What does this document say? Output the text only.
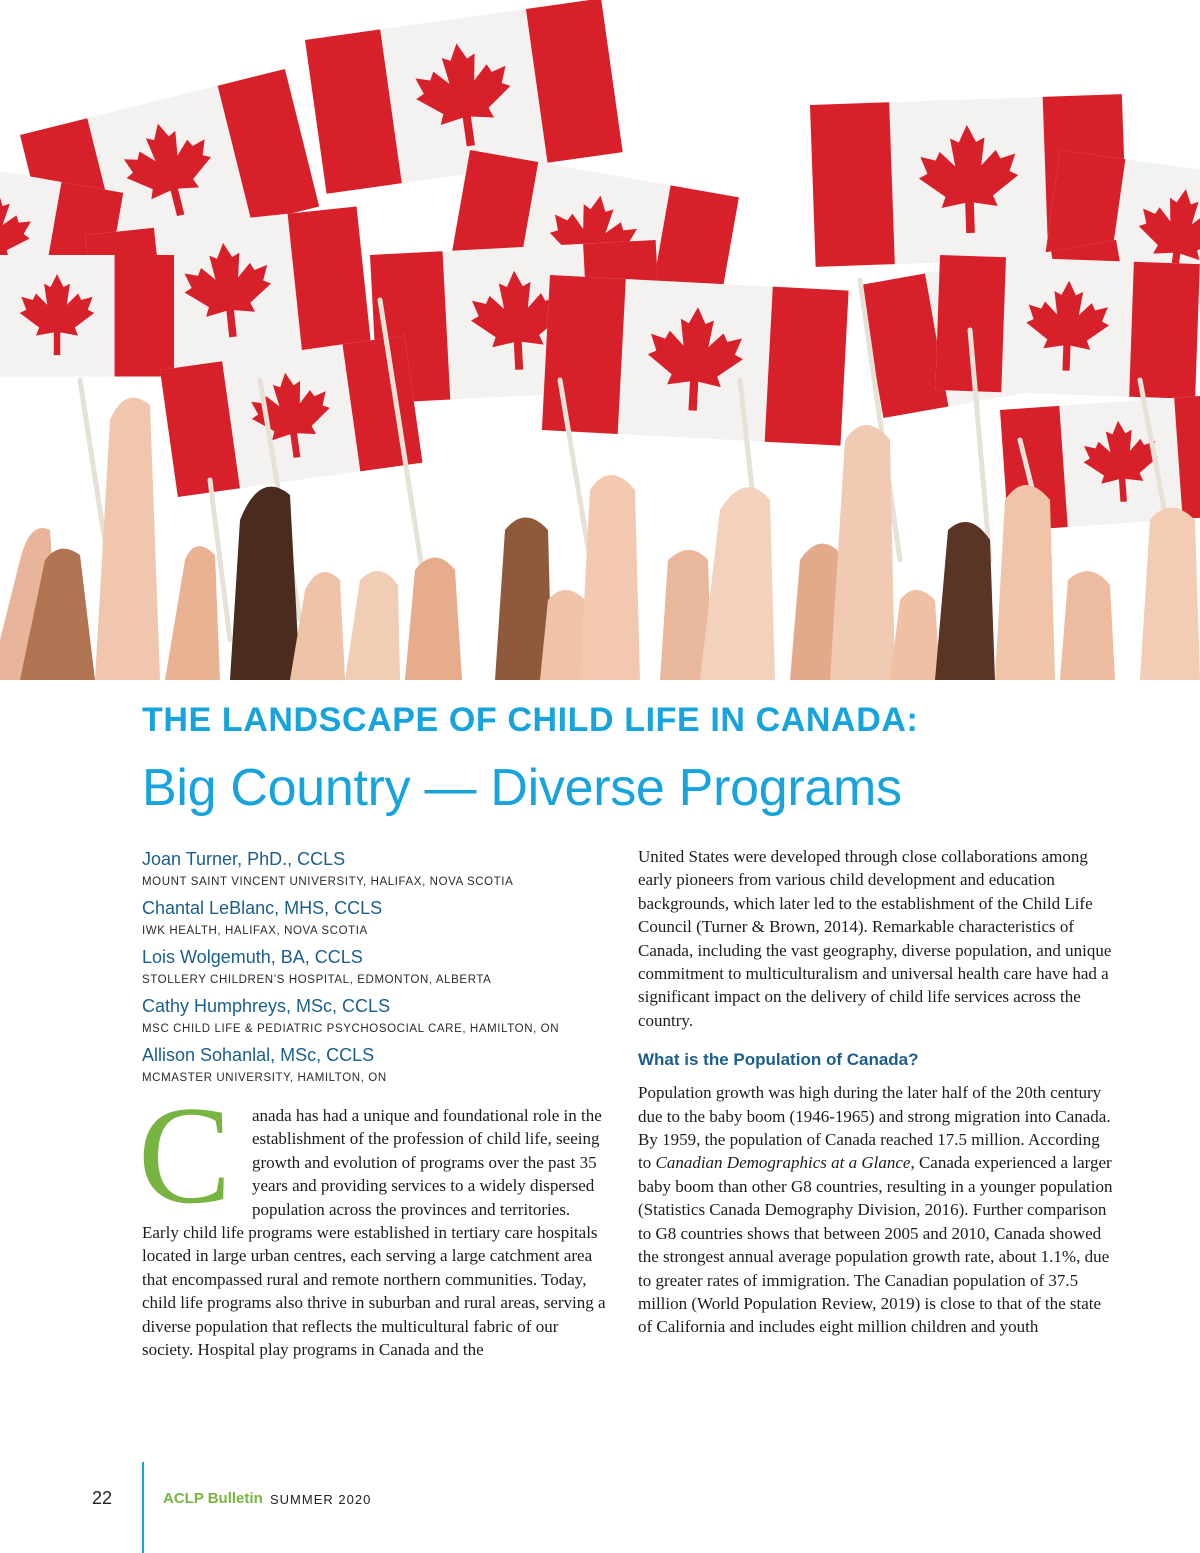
THE LANDSCAPE OF CHILD LIFE IN CANADA:
Big Country — Diverse Programs
Joan Turner, PhD., CCLS
MOUNT SAINT VINCENT UNIVERSITY, HALIFAX, NOVA SCOTIA
Chantal LeBlanc, MHS, CCLS
IWK HEALTH, HALIFAX, NOVA SCOTIA
Lois Wolgemuth, BA, CCLS
STOLLERY CHILDREN’S HOSPITAL, EDMONTON, ALBERTA
Cathy Humphreys, MSc, CCLS
MSC CHILD LIFE & PEDIATRIC PSYCHOSOCIAL CARE, HAMILTON, ON
Allison Sohanlal, MSc, CCLS
MCMASTER UNIVERSITY, HAMILTON, ON
C	anada has had a unique and foundational role in the establishment of the profession of child life, seeing growth and evolution of programs over the past 35 years and providing services to a widely dispersed population across the provinces and territories. Early child life programs were established in tertiary care hospitals located in large urban centres, each serving a large catchment area that encompassed rural and remote northern communities. Today, child life programs also thrive in suburban and rural areas, serving a diverse population that reflects the multicultural fabric of our society. Hospital play programs in Canada and the

United States were developed through close collaborations among early pioneers from various child development and education backgrounds, which later led to the establishment of the Child Life Council (Turner & Brown, 2014). Remarkable characteristics of Canada, including the vast geography, diverse population, and unique commitment to multiculturalism and universal health care have had a significant impact on the delivery of child life services across the country.

What is the Population of Canada?

Population growth was high during the later half of the 20th century due to the baby boom (1946-1965) and strong migration into Canada. By 1959, the population of Canada reached 17.5 million. According to Canadian Demographics at a Glance, Canada experienced a larger baby boom than other G8 countries, resulting in a younger population (Statistics Canada Demography Division, 2016). Further comparison to G8 countries shows that between 2005 and 2010, Canada showed the strongest annual average population growth rate, about 1.1%, due to greater rates of immigration. The Canadian population of 37.5 million (World Population Review, 2019) is close to that of the state of California and includes eight million children and youth

22	ACLP Bulletin SUMMER 2020
